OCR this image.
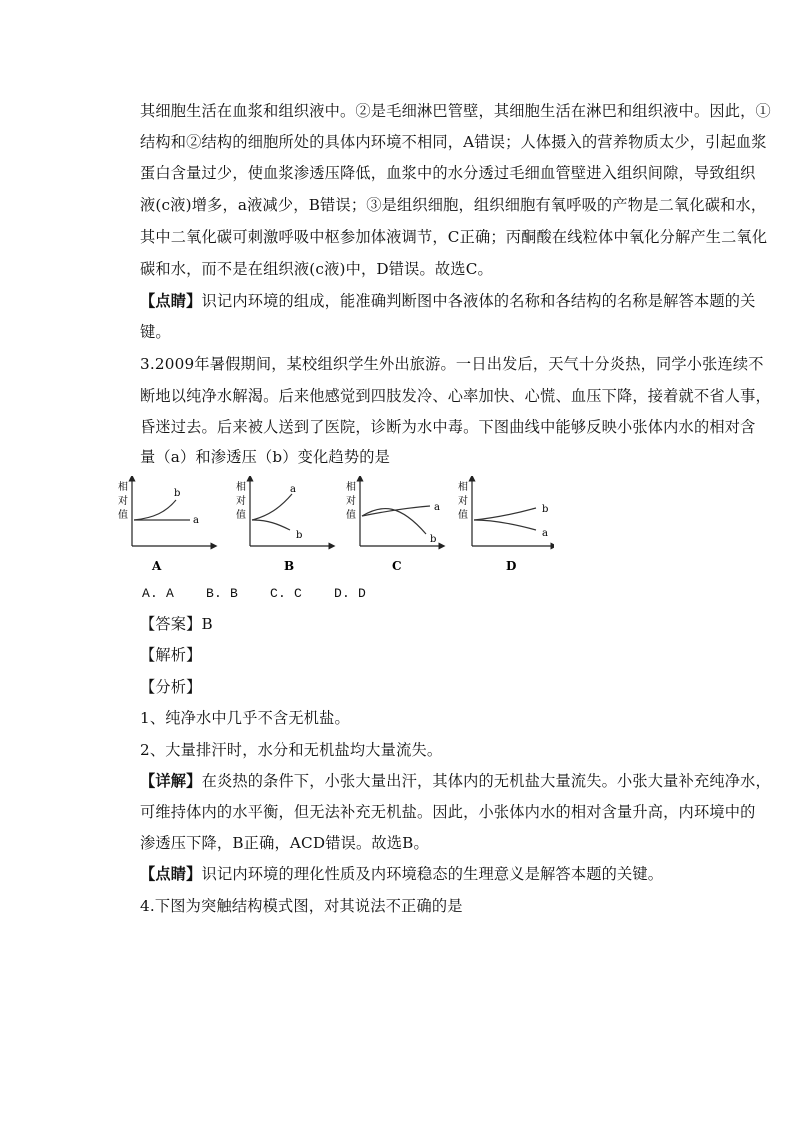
其细胞生活在血浆和组织液中。②是毛细淋巴管壁，其细胞生活在淋巴和组织液中。因此，①
结构和②结构的细胞所处的具体内环境不相同，A错误；人体摄入的营养物质太少，引起血浆
蛋白含量过少，使血浆渗透压降低，血浆中的水分透过毛细血管壁进入组织间隙，导致组织
液(c液)增多，a液减少，B错误；③是组织细胞，组织细胞有氧呼吸的产物是二氧化碳和水，
其中二氧化碳可刺激呼吸中枢参加体液调节，C正确；丙酮酸在线粒体中氧化分解产生二氧化
碳和水，而不是在组织液(c液)中，D错误。故选C。
【点睛】识记内环境的组成，能准确判断图中各液体的名称和各结构的名称是解答本题的关
键。
3.2009年暑假期间，某校组织学生外出旅游。一日出发后，天气十分炎热，同学小张连续不
断地以纯净水解渴。后来他感觉到四肢发冷、心率加快、心慌、血压下降，接着就不省人事，
昏迷过去。后来被人送到了医院，诊断为水中毒。下图曲线中能够反映小张体内水的相对含
量（a）和渗透压（b）变化趋势的是
相
对
值
b
a
A
相
对
值
a
b
B
相
对
值
a
b
C
相
对
值
b
a
D
A. A    B. B    C. C    D. D
【答案】B
【解析】
【分析】
1、纯净水中几乎不含无机盐。
2、大量排汗时，水分和无机盐均大量流失。
【详解】在炎热的条件下，小张大量出汗，其体内的无机盐大量流失。小张大量补充纯净水，
可维持体内的水平衡，但无法补充无机盐。因此，小张体内水的相对含量升高，内环境中的
渗透压下降，B正确，ACD错误。故选B。
【点睛】识记内环境的理化性质及内环境稳态的生理意义是解答本题的关键。
4.下图为突触结构模式图，对其说法不正确的是
